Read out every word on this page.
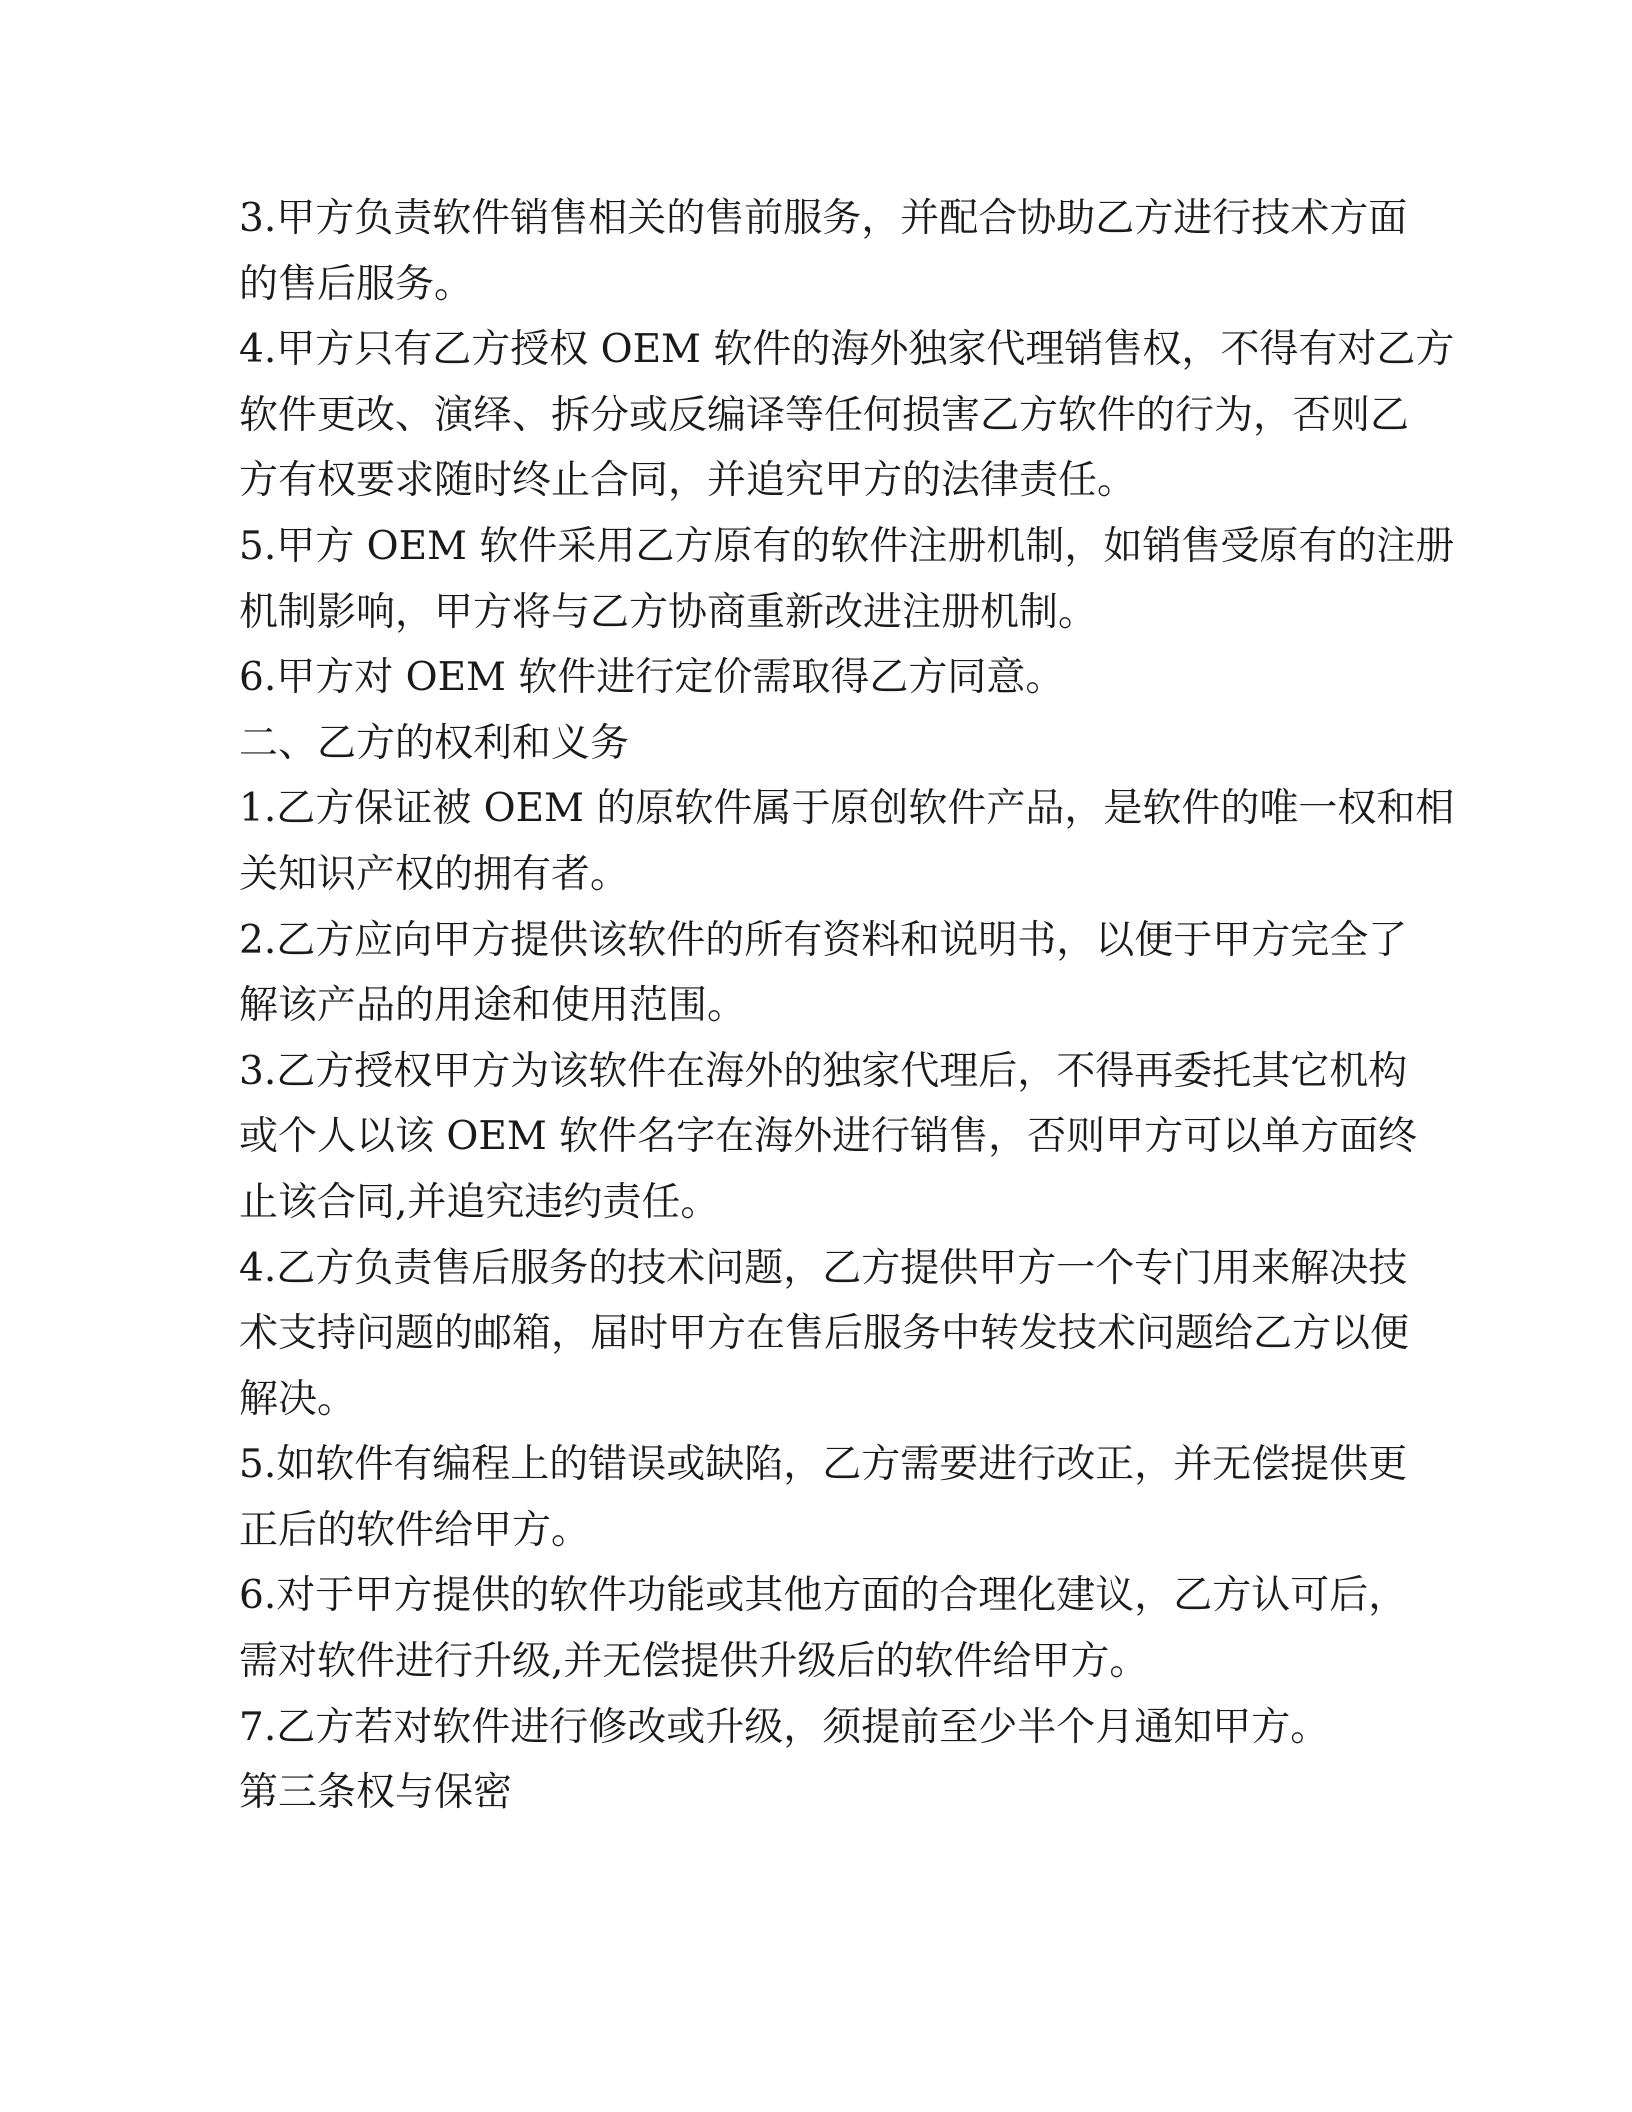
3.甲方负责软件销售相关的售前服务，并配合协助乙方进行技术方面
的售后服务。
4.甲方只有乙方授权 OEM 软件的海外独家代理销售权，不得有对乙方
软件更改、演绎、拆分或反编译等任何损害乙方软件的行为，否则乙
方有权要求随时终止合同，并追究甲方的法律责任。
5.甲方 OEM 软件采用乙方原有的软件注册机制，如销售受原有的注册
机制影响，甲方将与乙方协商重新改进注册机制。
6.甲方对 OEM 软件进行定价需取得乙方同意。
二、乙方的权利和义务
1.乙方保证被 OEM 的原软件属于原创软件产品，是软件的唯一权和相
关知识产权的拥有者。
2.乙方应向甲方提供该软件的所有资料和说明书，以便于甲方完全了
解该产品的用途和使用范围。
3.乙方授权甲方为该软件在海外的独家代理后，不得再委托其它机构
或个人以该 OEM 软件名字在海外进行销售，否则甲方可以单方面终
止该合同,并追究违约责任。
4.乙方负责售后服务的技术问题，乙方提供甲方一个专门用来解决技
术支持问题的邮箱，届时甲方在售后服务中转发技术问题给乙方以便
解决。
5.如软件有编程上的错误或缺陷，乙方需要进行改正，并无偿提供更
正后的软件给甲方。
6.对于甲方提供的软件功能或其他方面的合理化建议，乙方认可后，
需对软件进行升级,并无偿提供升级后的软件给甲方。
7.乙方若对软件进行修改或升级，须提前至少半个月通知甲方。
第三条权与保密
